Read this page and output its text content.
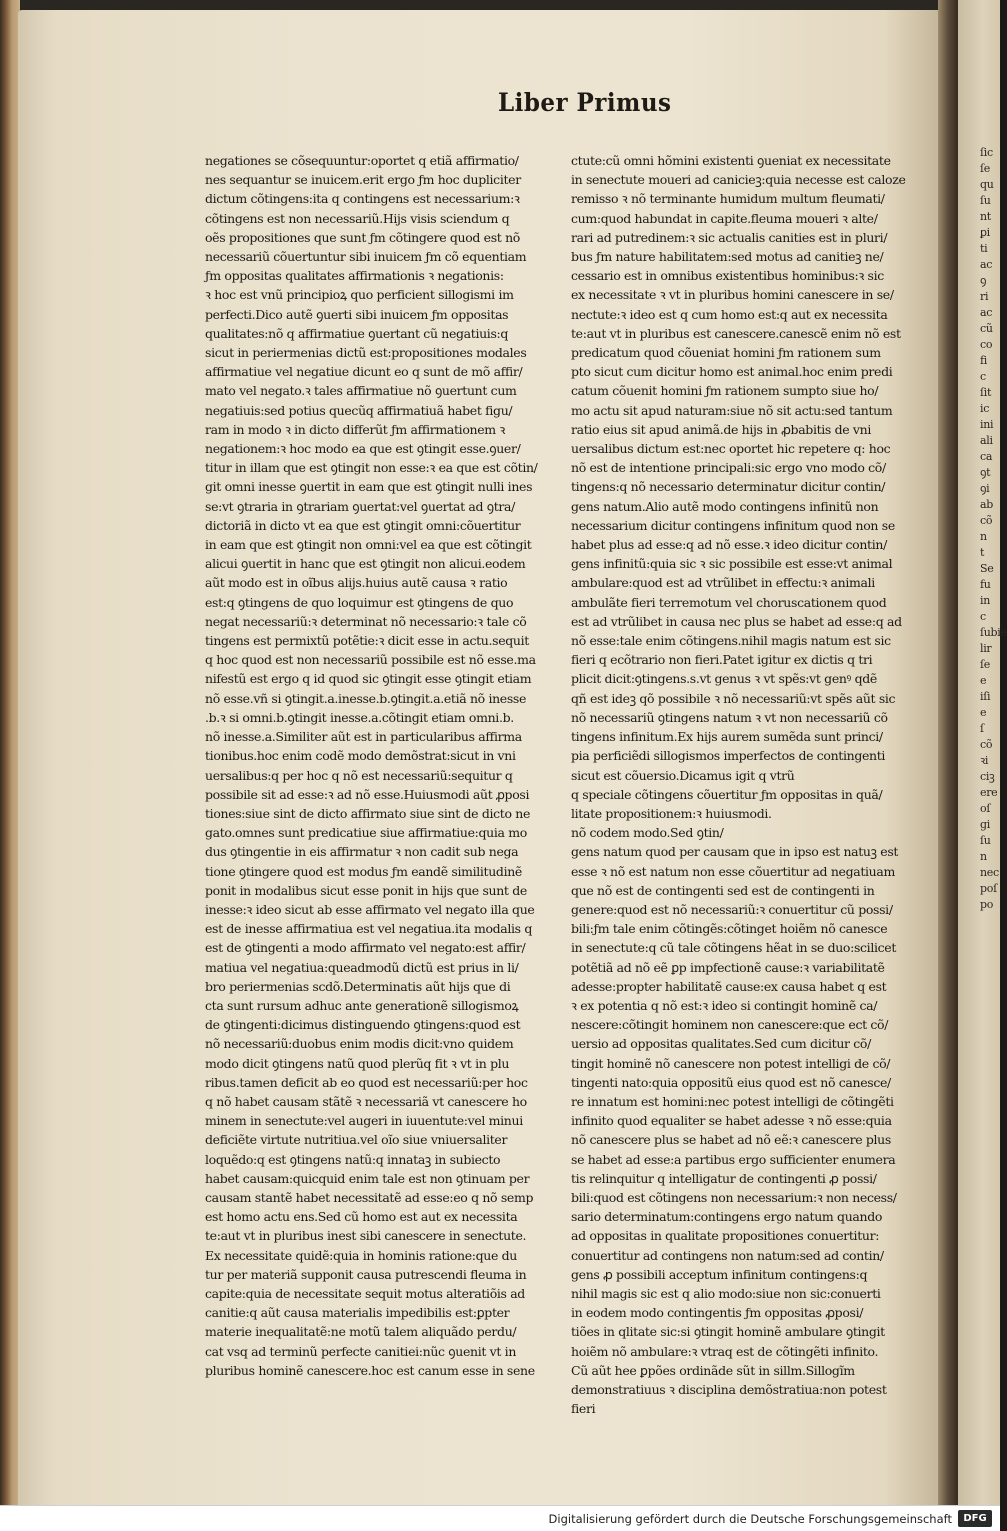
Liber Primus
negationes se cõsequuntur:oportet q etiã affirmatio/
nes sequantur se inuicem.erit ergo ƒm hoc dupliciter
dictum cõtingens:ita q contingens est necessarium:ꝛ
cõtingens est non necessariũ.Hijs visis sciendum q
oẽs propositiones que sunt ƒm cõtingere quod est nõ
necessariũ cõuertuntur sibi inuicem ƒm cõ equentiam
ƒm oppositas qualitates affirmationis ꝛ negationis:
ꝛ hoc est vnũ principioꝝ quo perficient sillogismi im
perfecti.Dico autẽ ꝯuerti sibi inuicem ƒm oppositas
qualitates:nõ q affirmatiue ꝯuertant cũ negatiuis:q
sicut in periermenias dictũ est:propositiones modales
affirmatiue vel negatiue dicunt eo q sunt de mõ affir/
mato vel negato.ꝛ tales affirmatiue nõ ꝯuertunt cum
negatiuis:sed potius quecũq affirmatiuã habet figu/
ram in modo ꝛ in dicto differũt ƒm affirmationem ꝛ
negationem:ꝛ hoc modo ea que est ꝯtingit esse.ꝯuer/
titur in illam que est ꝯtingit non esse:ꝛ ea que est cõtin/
git omni inesse ꝯuertit in eam que est ꝯtingit nulli ines
se:vt ꝯtraria in ꝯtrariam ꝯuertat:vel ꝯuertat ad ꝯtra/
dictoriã in dicto vt ea que est ꝯtingit omni:cõuertitur
in eam que est ꝯtingit non omni:vel ea que est cõtingit
alicui ꝯuertit in hanc que est ꝯtingit non alicui.eodem
aũt modo est in oĩbus alijs.huius autẽ causa ꝛ ratio
est:q ꝯtingens de quo loquimur est ꝯtingens de quo
negat necessariũ:ꝛ determinat nõ necessario:ꝛ tale cõ
tingens est permixtũ potẽtie:ꝛ dicit esse in actu.sequit
q hoc quod est non necessariũ possibile est nõ esse.ma
nifestũ est ergo q id quod sic ꝯtingit esse ꝯtingit etiam
nõ esse.vñ si ꝯtingit.a.inesse.b.ꝯtingit.a.etiã nõ inesse
.b.ꝛ si omni.b.ꝯtingit inesse.a.cõtingit etiam omni.b.
nõ inesse.a.Similiter aũt est in particularibus affirma
tionibus.hoc enim codẽ modo demõstrat:sicut in vni
uersalibus:q per hoc q nõ est necessariũ:sequitur q
possibile sit ad esse:ꝛ ad nõ esse.Huiusmodi aũt ꝓposi
tiones:siue sint de dicto affirmato siue sint de dicto ne
gato.omnes sunt predicatiue siue affirmatiue:quia mo
dus ꝯtingentie in eis affirmatur ꝛ non cadit sub nega
tione ꝯtingere quod est modus ƒm eandẽ similitudinẽ
ponit in modalibus sicut esse ponit in hijs que sunt de
inesse:ꝛ ideo sicut ab esse affirmato vel negato illa que
est de inesse affirmatiua est vel negatiua.ita modalis q
est de ꝯtingenti a modo affirmato vel negato:est affir/
matiua vel negatiua:queadmodũ dictũ est prius in li/
bro periermenias scdõ.Determinatis aũt hijs que di
cta sunt rursum adhuc ante generationẽ sillogismoꝝ
de ꝯtingenti:dicimus distinguendo ꝯtingens:quod est
nõ necessariũ:duobus enim modis dicit:vno quidem
modo dicit ꝯtingens natũ quod plerũq fit ꝛ vt in plu
ribus.tamen deficit ab eo quod est necessariũ:per hoc
q nõ habet causam stãtẽ ꝛ necessariã vt canescere ho
minem in senectute:vel augeri in iuuentute:vel minui
deficiẽte virtute nutritiua.vel oĩo siue vniuersaliter
loquẽdo:q est ꝯtingens natũ:q innataꝫ in subiecto
habet causam:quicquid enim tale est non ꝯtinuam per
causam stantẽ habet necessitatẽ ad esse:eo q nõ semp
est homo actu ens.Sed cũ homo est aut ex necessita
te:aut vt in pluribus inest sibi canescere in senectute.
Ex necessitate quidẽ:quia in hominis ratione:que du
tur per materiã supponit causa putrescendi fleuma in
capite:quia de necessitate sequit motus alteratiõis ad
canitie:q aũt causa materialis impedibilis est:ꝑpter
materie inequalitatẽ:ne motũ talem aliquãdo perdu/
cat vsq ad terminũ perfecte canitiei:nũc ꝯuenit vt in
pluribus hominẽ canescere.hoc est canum esse in sene
ctute:cũ omni hõmini existenti ꝯueniat ex necessitate
in senectute moueri ad canicieꝫ:quia necesse est caloze
remisso ꝛ nõ terminante humidum multum fleumati/
cum:quod habundat in capite.fleuma moueri ꝛ alte/
rari ad putredinem:ꝛ sic actualis canities est in pluri/
bus ƒm nature habilitatem:sed motus ad canitieꝫ ne/
cessario est in omnibus existentibus hominibus:ꝛ sic
ex necessitate ꝛ vt in pluribus homini canescere in se/
nectute:ꝛ ideo est q cum homo est:q aut ex necessita
te:aut vt in pluribus est canescere.canescẽ enim nõ est
predicatum quod cõueniat homini ƒm rationem sum
pto sicut cum dicitur homo est animal.hoc enim predi
catum cõuenit homini ƒm rationem sumpto siue ho/
mo actu sit apud naturam:siue nõ sit actu:sed tantum
ratio eius sit apud animã.de hijs in ꝓbabitis de vni
uersalibus dictum est:nec oportet hic repetere q: hoc
nõ est de intentione principali:sic ergo vno modo cõ/
tingens:q nõ necessario determinatur dicitur contin/
gens natum.Alio autẽ modo contingens infinitũ non
necessarium dicitur contingens infinitum quod non se
habet plus ad esse:q ad nõ esse.ꝛ ideo dicitur contin/
gens infinitũ:quia sic ꝛ sic possibile est esse:vt animal
ambulare:quod est ad vtrũlibet in effectu:ꝛ animali
ambulãte fieri terremotum vel choruscationem quod
est ad vtrũlibet in causa nec plus se habet ad esse:q ad
nõ esse:tale enim cõtingens.nihil magis natum est sic
fieri q ecõtrario non fieri.Patet igitur ex dictis q tri
plicit dicit:ꝯtingens.s.vt genus ꝛ vt spẽs:vt genꝰ qdẽ
qñ est ideꝫ qõ possibile ꝛ nõ necessariũ:vt spẽs aũt sic
nõ necessariũ ꝯtingens natum ꝛ vt non necessariũ cõ
tingens infinitum.Ex hijs aurem sumẽda sunt princi/
pia perficiẽdi sillogismos imperfectos de contingenti
sicut est cõuersio.Dicamus igit q vtrũ
q speciale cõtingens cõuertitur ƒm oppositas in quã/
litate propositionem:ꝛ huiusmodi.
nõ codem modo.Sed ꝯtin/
gens natum quod per causam que in ipso est natuꝫ est
esse ꝛ nõ est natum non esse cõuertitur ad negatiuam
que nõ est de contingenti sed est de contingenti in
genere:quod est nõ necessariũ:ꝛ conuertitur cũ possi/
bili:ƒm tale enim cõtingẽs:cõtinget hoiẽm nõ canesce
in senectute:q cũ tale cõtingens hẽat in se duo:scilicet
potẽtiã ad nõ eẽ ꝑp impfectionẽ cause:ꝛ variabilitatẽ
adesse:propter habilitatẽ cause:ex causa habet q est
ꝛ ex potentia q nõ est:ꝛ ideo si contingit hominẽ ca/
nescere:cõtingit hominem non canescere:que ect cõ/
uersio ad oppositas qualitates.Sed cum dicitur cõ/
tingit hominẽ nõ canescere non potest intelligi de cõ/
tingenti nato:quia oppositũ eius quod est nõ canesce/
re innatum est homini:nec potest intelligi de cõtingẽti
infinito quod equaliter se habet adesse ꝛ nõ esse:quia
nõ canescere plus se habet ad nõ eẽ:ꝛ canescere plus
se habet ad esse:a partibus ergo sufficienter enumera
tis relinquitur q intelligatur de contingenti ꝓ possi/
bili:quod est cõtingens non necessarium:ꝛ non necess/
sario determinatum:contingens ergo natum quando
ad oppositas in qualitate propositiones conuertitur:
conuertitur ad contingens non natum:sed ad contin/
gens ꝓ possibili acceptum infinitum contingens:q
nihil magis sic est q alio modo:siue non sic:conuerti
in eodem modo contingentis ƒm oppositas ꝓposi/
tiões in qlitate sic:si ꝯtingit hominẽ ambulare ꝯtingit
hoiẽm nõ ambulare:ꝛ vtraq est de cõtingẽti infinito.
Cũ aũt hee ꝑpões ordinãde sũt in sillm.Sillogĩm
demonstratiuus ꝛ disciplina demõstratiua:non potest
fieri
ſic
ſe
qu
ſu
nt
ꝑi
ti
ac
ꝯ
ri
ac
cũ
co
fi
c
ſit
ic
ini
ali
ca
ꝯt
ꝯi
ab
cõ
n
t
Se
fu
in
c
ſubie
lir
ſe
e
iſi
e
ſ
cõ
ꝛi
ciꝫ
ere
oſ
gi
ſu
n
nec
poſ
po
Digitalisierung gefördert durch die Deutsche Forschungsgemeinschaft	DFG
